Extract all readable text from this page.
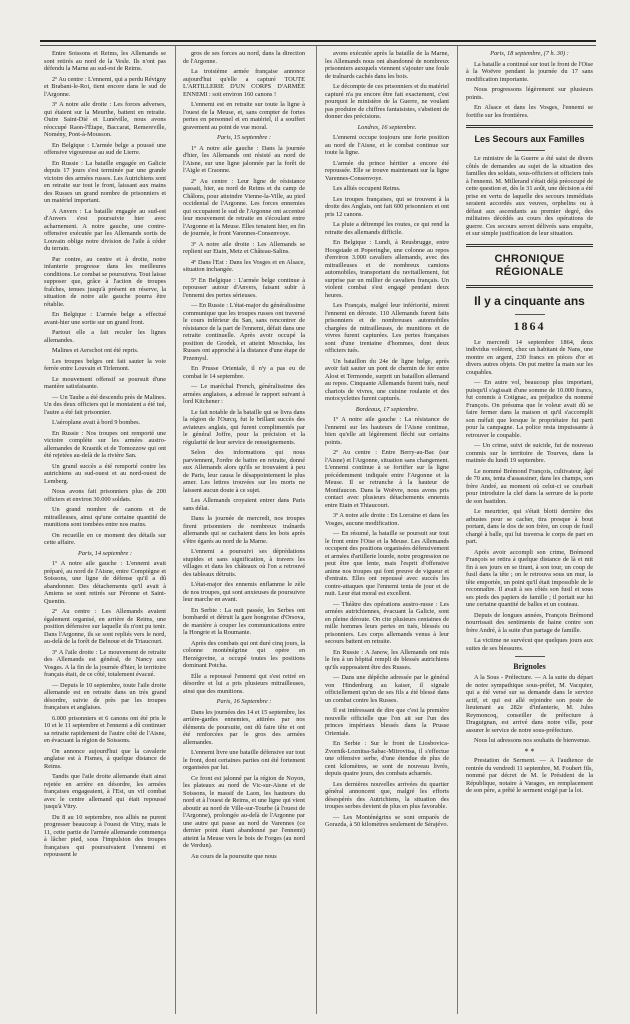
Entre Soissons et Reims, les Allemands se sont retirés au nord de la Vesle. Ils n'ont pas défendu la Marne au sud-est de Reims.

2º Au centre : L'ennemi, qui a perdu Révigny et Brabant-le-Roi, tient encore dans le sud de l'Argonne.

3º A notre aile droite : Les forces adverses, qui étaient sur la Meurthe, battent en retraite. Outre Saint-Dié et Lunéville, nous avons réoccupé Raon-l'Étape, Baccarat, Remereville, Nomény, Pont-à-Mousson.

En Belgique : L'armée belge a poussé une offensive vigoureuse au sud de Lierre.

En Russie : La bataille engagée en Galicie depuis 17 jours s'est terminée par une grande victoire des armées russes. Les Autrichiens sont en retraite sur tout le front, laissant aux mains des Russes un grand nombre de prisonniers et un matériel important.

A Anvers : La bataille engagée au sud-est d'Anvers s'est poursuivie hier avec acharnement. A notre gauche, une contre-offensive exécutée par les Allemands sortis de Louvain oblige notre division de l'aile à céder du terrain.

Par contre, au centre et à droite, notre infanterie progresse dans les meilleures conditions. Le combat se poursuivra. Tout laisse supposer que, grâce à l'action de troupes fraîches, tenues jusqu'à présent en réserve, la situation de notre aile gauche pourra être rétablie.

En Belgique : L'armée belge a effectué avant-hier une sortie sur un grand front.

Partout elle a fait reculer les lignes allemandes.

Malines et Aerschot ont été repris.

Les troupes belges ont fait sauter la voie ferrée entre Louvain et Tirlemont.

Le mouvement offensif se poursuit d'une manière satisfaisante.

— Un Taube a été descendu près de Malines. Un des deux officiers qui le montaient a été tué, l'autre a été fait prisonnier.

L'aéroplane avait à bord 9 bombes.

En Russie : Nos troupes ont remporté une victoire complète sur les armées austro-allemandes de Krasnik et de Tomozzow qui ont été rejetées au-delà de la rivière San.

Un grand succès a été remporté contre les autrichiens au sud-ouest et au nord-ouest de Lemberg.

Nous avons fait prisonniers plus de 200 officiers et environ 30.000 soldats.

Un grand nombre de canons et de mitrailleuses, ainsi qu'une certaine quantité de munitions sont tombées entre nos mains.

On recueille en ce moment des détails sur cette affaire.

Paris, 14 septembre :

1º A notre aile gauche : L'ennemi avait préparé, au nord de l'Aisne, entre Compiègne et Soissons, une ligne de défense qu'il a dû abandonner. Des détachements qu'il avait à Amiens se sont retirés sur Péronne et Saint-Quentin.

2º Au centre : Les Allemands avaient également organisé, en arrière de Reims, une position défensive sur laquelle ils n'ont pu tenir. Dans l'Argonne, ils se sont repliés vers le nord, au-delà de la forêt de Belnoue et de Triaucourt.

3º A l'aile droite : Le mouvement de retraite des Allemands est général, de Nancy aux Vosges. A la fin de la journée d'hier, le territoire français était, de ce côté, totalement évacué.

— Depuis le 10 septembre, toute l'aile droite allemande est en retraite dans un très grand désordre, suivie de près par les troupes françaises et anglaises.

6.000 prisonniers et 6 canons ont été pris le 10 et le 11 septembre et l'ennemi a dû continuer sa retraite rapidement de l'autre côté de l'Aisne, en évacuant la région de Soissons.

On annonce aujourd'hui que la cavalerie anglaise est à Fismes, à quelque distance de Reims.

Tandis que l'aile droite allemande était ainsi rejetée en arrière en désordre, les armées françaises engageaient, à l'Est, un vif combat avec le centre allemand qui était repoussé jusqu'à Vitry.

Du 8 au 10 septembre, nos alliés ne purent progresser beaucoup à l'ouest de Vitry, mais le 11, cette partie de l'armée allemande commença à lâcher pied, sous l'impulsion des troupes françaises qui poursuivaient l'ennemi et repoussent le

gros de ses forces au nord, dans la direction de l'Argonne.

La troisième armée française annonce aujourd'hui qu'elle a capturé TOUTE L'ARTILLERIE D'UN CORPS D'ARMÉE ENNEMI : soit environ 160 canons !

L'ennemi est en retraite sur toute la ligne à l'ouest de la Meuse, et, sans compter de fortes pertes en personnel et en matériel, il a souffert gravement au point de vue moral.

Paris, 15 septembre :

1º A notre aile gauche : Dans la journée d'hier, les Allemands ont résisté au nord de l'Aisne, sur une ligne jalonnée par la forêt de l'Aigle et Craonne.

2º Au centre : Leur ligne de résistance passait, hier, au nord de Reims et du camp de Châlons, pour atteindre Vienne-la-Ville, au pied occidental de l'Argonne. Les forces ennemies qui occupaient le sud de l'Argonne ont accentué leur mouvement de retraite en s'écoulant entre l'Argonne et la Meuse. Elles tenaient hier, en fin de journée, le front Varennes-Consenvoye.

3º A notre aile droite : Les Allemands se replient sur Etain, Metz et Château-Salins.

4º Dans l'Est : Dans les Vosges et en Alsace, situation inchangée.

5º En Belgique : L'armée belge continue à repousser autour d'Anvers, faisant subir à l'ennemi des pertes sérieuses.

— En Russie : L'état-major du généralissime communique que les troupes russes ont traversé le cours inférieur du San, sans rencontrer de résistance de la part de l'ennemi, défait dans une retraite continuelle. Après avoir occupé la position de Grodek, et atteint Mosciska, les Russes ont approché à la distance d'une étape de Przemysl.

En Prusse Orientale, il n'y a pas eu de combat le 14 septembre.

— Le maréchal French, généralissime des armées anglaises, a adressé le rapport suivant à lord Kitchener :

Le fait notable de la bataille qui se livra dans la région de l'Ourcq, fut le brillant succès des aviateurs anglais, qui furent complimentés par le général Joffre, pour la précision et la régularité de leur service de renseignements.

Selon des informations qui nous parviennent, l'ordre de battre en retraite, donné aux Allemands alors qu'ils se trouvaient à peu de Paris, leur causa le désappointement le plus amer. Les lettres trouvées sur les morts ne laissent aucun doute à ce sujet.

Les Allemands croyaient entrer dans Paris sans délai.

Dans la journée de mercredi, nos troupes firent prisonniers de nombreux traînards allemands qui se cachaient dans les bois après s'être égarés au nord de la Marne.

L'ennemi a poursuivi ses déprédations stupides et sans signification, à travers les villages et dans les châteaux où l'on a retrouvé des tableaux détruits.

L'état-major des ennemis enflamme le zèle de nos troupes, qui sont anxieuses de poursuivre leur marche en avant.

En Serbie : La nuit passée, les Serbes ont bombardé et détruit la gare hongroise d'Orsova, de manière à couper les communications entre la Hongrie et la Roumanie.

Après des combats qui ont duré cinq jours, la colonne monténégrine qui opère en Herzégovine, a occupé toutes les positions dominant Potcha.

Elle a repoussé l'ennemi qui s'est retiré en désordre et lui a pris plusieurs mitrailleuses, ainsi que des munitions.

Paris, 16 Septembre :

Dans les journées des 14 et 15 septembre, les arrière-gardes ennemies, attirées par nos éléments de poursuite, ont dû faire tête et ont été renforcées par le gros des armées allemandes.

L'ennemi livre une bataille défensive sur tout le front, dont certaines parties ont été fortement organisées par lui.

Ce front est jalonné par la région de Noyon, les plateaux au nord de Vic-sur-Aisne et de Soissons, le massif de Laon, les hauteurs du nord et à l'ouest de Reims, et une ligne qui vient aboutir au nord de Ville-sur-Tourbe (à l'ouest de l'Argonne), prolongée au-delà de l'Argonne par une autre qui passe au nord de Varennes (ce dernier point étant abandonné par l'ennemi) atteint la Meuse vers le bois de Forges (au nord de Verdun).

Au cours de la poursuite que nous

avons exécutée après la bataille de la Marne, les Allemands nous ont abandonné de nombreux prisonniers auxquels viennent s'ajouter une foule de traînards cachés dans les bois.

Le décompte de ces prisonniers et du matériel capturé n'a pu encore être fait exactement, c'est pourquoi le ministère de la Guerre, ne voulant pas produire de chiffres fantaisistes, s'abstient de donner des précisions.

Londres, 16 septembre.

L'ennemi occupe toujours une forte position au nord de l'Aisne, et le combat continue sur toute la ligne.

L'armée du prince héritier a encore été repoussée. Elle se trouve maintenant sur la ligne Varennes-Consenvoye.

Les alliés occupent Reims.

Les troupes françaises, qui se trouvent à la droite des Anglais, ont fait 600 prisonniers et ont pris 12 canons.

La pluie a détrempé les routes, ce qui rend la retraite des allemands difficile.

En Belgique : Lundi, à Reusbrugge, entre Hoogstade et Poperinghe, une colonne au repos d'environ 3.000 cavaliers allemands, avec des mitrailleuses et de nombreux camions automobiles, transportant du ravitaillement, fut surprise par un millier de cavaliers français. Un violent combat s'est engagé pendant deux heures.

Les Français, malgré leur infériorité, mirent l'ennemi en déroute. 110 Allemands furent faits prisonniers et de nombreuses automobiles chargées de mitrailleuses, de munitions et de vivres furent capturées. Les pertes françaises sont d'une trentaine d'hommes, dont deux officiers tués.

Un bataillon du 24e de ligne belge, après avoir fait sauter un pont de chemin de fer entre Alost et Termonde, surprit un bataillon allemand au repos. Cinquante Allemands furent tués, neuf chariots de vivres, une cuisine roulante et des motocyclettes furent capturés.

Bordeaux, 17 septembre.

1º A notre aile gauche : La résistance de l'ennemi sur les hauteurs de l'Aisne continue, bien qu'elle ait légèrement fléchi sur certains points.

2º Au centre : Entre Berry-au-Bac (sur l'Aisne) et l'Argonne, situation sans changement. L'ennemi continue à se fortifier sur la ligne précédemment indiquée entre l'Argonne et la Meuse. Il se retranche à la hauteur de Montfaucon. Dans la Woëvre, nous avons pris contact avec plusieurs détachements ennemis entre Etain et Thiaucourt.

3º A notre aile droite : En Lorraine et dans les Vosges, aucune modification.

— En résumé, la bataille se poursuit sur tout le front entre l'Oise et la Meuse. Les Allemands occupent des positions organisées défensivement et armées d'artillerie lourde, notre progression ne peut être que lente, mais l'esprit d'offensive anime nos troupes qui font preuve de vigueur et d'entrain. Elles ont repoussé avec succès les contre-attaques que l'ennemi tenta de jour et de nuit. Leur état moral est excellent.

— Théâtre des opérations austro-russe : Les armées autrichiennes, évacuant la Galicie, sont en pleine déroute. On cite plusieurs centaines de mille hommes leurs pertes en tués, blessés ou prisonniers. Les corps allemands venus à leur secours battent en retraite.

En Russie : A Janow, les Allemands ont mis le feu à un hôpital rempli de blessés autrichiens qu'ils supposaient être des Russes.

— Dans une dépêche adressée par le général von Hindenburg au kaiser, il signale officiellement qu'un de ses fils a été blessé dans un combat contre les Russes.

Il est intéressant de dire que c'est la première nouvelle officielle que l'on ait sur l'un des princes impériaux blessés dans la Prusse Orientale.

En Serbie : Sur le front de Liosbovica-Zvornik-Loznitsa-Sabac-Mitrovitsa, il s'effectue une offensive serbe, d'une étendue de plus de cent kilomètres, se sont de nouveau livrés, depuis quatre jours, des combats acharnés.

Les dernières nouvelles arrivées du quartier général annoncent que, malgré les efforts désespérés des Autrichiens, la situation des troupes serbes devient de plus en plus favorable.

— Les Monténégrins se sont emparés de Gorazda, à 50 kilomètres seulement de Sérajévo.

Paris, 18 septembre, (7 h. 30) :

La bataille a continué sur tout le front de l'Oise à la Woëvre pendant la journée du 17 sans modification importante.

Nous progressons légèrement sur plusieurs points.

En Alsace et dans les Vosges, l'ennemi se fortifie sur les frontières.

Les Secours aux Familles

Le ministre de la Guerre a été saisi de divers côtés de demandes au sujet de la situation des familles des soldats, sous-officiers et officiers tués à l'ennemi. M. Millerand s'était déjà préoccupé de cette question et, dès le 31 août, une décision a été prise en vertu de laquelle des secours immédiats seraient accordés aux veuves, orphelins ou à défaut aux ascendants au premier degré, des militaires décédés au cours des opérations de guerre. Ces secours seront délivrés sans enquête, et sur simple justification de leur situation.

CHRONIQUE RÉGIONALE
Il y a cinquante ans
1864

Le mercredi 14 septembre 1864, deux individus volèrent, chez un habitant de Nans, une montre en argent, 230 francs en pièces d'or et divers autres objets. On put mettre la main sur les coupables.

— En autre vol, beaucoup plus important, puisqu'il s'agissait d'une somme de 10.000 francs, fut commis à Cotignac, au préjudice du nommé François. On présuma que le voleur avait dû se faire fermer dans la maison et qu'il s'accomplit son méfait que lorsque le propriétaire fut parti pour la campagne. La police resta impuissante à retrouver le coupable.

— Un crime, suivi de suicide, fut de nouveau commis sur le territoire de Tourves, dans la matinée du lundi 19 septembre.

Le nommé Brémond François, cultivateur, âgé de 70 ans, tenta d'assassiner, dans les champs, son frère André, au moment où celui-ci se courbait pour introduire la clef dans la serrure de la porte de son bastidon.

Le meurtrier, qui s'était blotti derrière des arbustes pour se cacher, tira presque à bout portant, dans le dos de son frère, un coup de fusil chargé à balle, qui lui traversa le corps de part en part.

Après avoir accompli son crime, Brémond François se retira à quelque distance de là et mit fin à ses jours en se tirant, à son tour, un coup de fusil dans la tête ; on le retrouva sous un mur, la tête emportée, un point qu'il était impossible de le reconnaître. Il avait à ses côtés son fusil et sous ses pieds des papiers de famille ; il portait sur lui une certaine quantité de balles et un couteau.

Depuis de longues années, François Brémond nourrissait des sentiments de haine contre son frère André, à la suite d'un partage de famille.

La victime ne survécut que quelques jours aux suites de ses blessures.

Brignoles

A la Sous - Préfecture. — A la suite du départ de notre sympathique sous-préfet, M. Vacquier, qui a été versé sur sa demande dans le service actif, et qui est allé rejoindre son poste de lieutenant au 282e d'infanterie, M. Jules Reymoncoq, conseiller de préfecture à Draguignan, est arrivé dans notre ville, pour assurer le service de notre sous-préfecture.

Nous lui adressons nos souhaits de bienvenue.

* *

Prestation de Serment. — A l'audience de rentrée du vendredi 11 septembre, M. Foubert fils, nommé par décret de M. le Président de la République, notaire à Varages, en remplacement de son père, a prêté le serment exigé par la loi.
